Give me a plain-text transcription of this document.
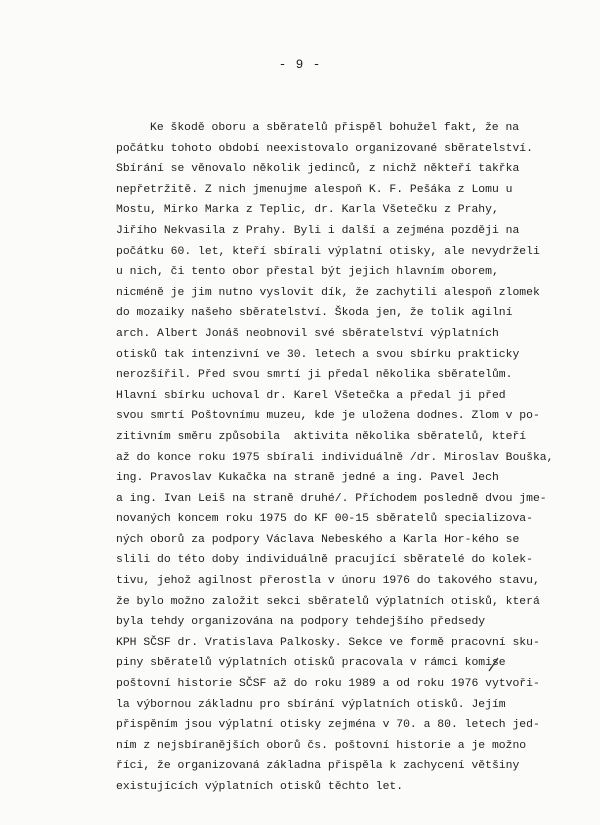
- 9 -
Ke škodě oboru a sběratelů přispěl bohužel fakt, že na
počátku tohoto období neexistovalo organizované sběratelství.
Sbírání se věnovalo několik jedinců, z nichž někteří takřka
nepřetržitě. Z nich jmenujme alespoň K. F. Pešáka z Lomu u
Mostu, Mirko Marka z Teplic, dr. Karla Všetečku z Prahy,
Jiřího Nekvasila z Prahy. Byli i další a zejména později na
počátku 60. let, kteří sbírali výplatní otisky, ale nevydrželi
u nich, či tento obor přestal být jejich hlavním oborem,
nicméně je jim nutno vyslovit dík, že zachytili alespoň zlomek
do mozaiky našeho sběratelství. Škoda jen, že tolik agilní
arch. Albert Jonáš neobnovil své sběratelství výplatních
otisků tak intenzivní ve 30. letech a svou sbírku prakticky
nerozšířil. Před svou smrtí ji předal několika sběratelům.
Hlavní sbírku uchoval dr. Karel Všetečka a předal ji před
svou smrtí Poštovnímu muzeu, kde je uložena dodnes. Zlom v po-
zitivním směru způsobila  aktivita několika sběratelů, kteří
až do konce roku 1975 sbírali individuálně /dr. Miroslav Bouška,
ing. Pravoslav Kukačka na straně jedné a ing. Pavel Jech
a ing. Ivan Leiš na straně druhé/. Příchodem posledně dvou jme-
novaných koncem roku 1975 do KF 00-15 sběratelů specializova-
ných oborů za podpory Václava Nebeského a Karla Hor-kého se
slili do této doby individuálně pracující sběratelé do kolek-
tivu, jehož agilnost přerostla v únoru 1976 do takového stavu,
že bylo možno založit sekci sběratelů výplatních otisků, která
byla tehdy organizována na podpory tehdejšího předsedy
KPH SČSF dr. Vratislava Palkosky. Sekce ve formě pracovní sku-
piny sběratelů výplatních otisků pracovala v rámci komise
poštovní historie SČSF až do roku 1989 a od roku 1976 vytvoři-
la výbornou základnu pro sbírání výplatních otisků. Jejím
přispěním jsou výplatní otisky zejména v 70. a 80. letech jed-
ním z nejsbíranějších oborů čs. poštovní historie a je možno
říci, že organizovaná základna přispěla k zachycení většiny
existujících výplatních otisků těchto let.
